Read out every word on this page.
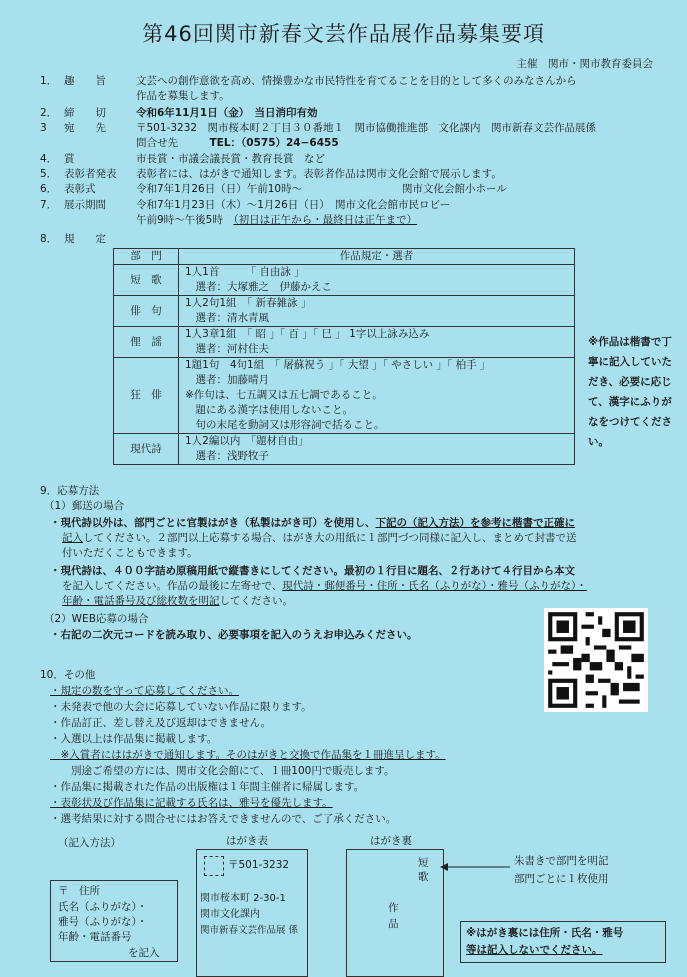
第46回関市新春文芸作品展作品募集要項
主催　関市・関市教育委員会
1． 趣　　旨	文芸への創作意欲を高め、情操豊かな市民特性を育てることを目的として多くのみなさんから
作品を募集します。
2． 締　　切	令和6年11月1日（金）　当日消印有効
3 宛　　先	〒501-3232　関市桜本町２丁目３０番地１　関市協働推進部　文化課内　関市新春文芸作品展係
問合せ先　　　	TEL：（0575）24−6455
4． 賞	市長賞・市議会議長賞・教育長賞　など
5． 表彰者発表 表彰者には、はがきで通知します。表彰者作品は関市文化会館で展示します。
6． 表彰式	令和7年1月26日（日）午前10時〜	関市文化会館小ホール
7． 展示期間	令和7年1月23日（木）〜1月26日（日）　関市文化会館市民ロビー
午前9時〜午後5時　 （初日は正午から・最終日は正午まで）
8． 規　　定
部　門	作品規定・選者
短　歌	1人1首　　　「 自由詠 」
　選者：大塚雅之　伊藤かえこ

俳　句	1人2句1組　「 新春雑詠 」
　選者：清水青風

俚　謡	1人3章1組　「 昭 」「 百 」「 巳 」 1字以上詠み込み
　選者：河村住夫

狂　俳	1題1句　4句1組　「 屠蘇祝う 」「 大望 」「 やさしい 」「 柏手 」
　選者：加藤晴月
※作句は、七五調又は五七調であること。
　題にある漢字は使用しないこと。
　句の末尾を動詞又は形容詞で括ること。

現代詩	1人2編以内　「題材自由」
　選者：浅野牧子
※作品は楷書で丁寧に記入していただき、必要に応じて、漢字にふりがなをつけてください。
9．応募方法
（1）郵送の場合
・現代詩以外は、部門ごとに官製はがき（私製はがき可）を使用し、下記の（記入方法）を参考に楷書で正確に
記入してください。２部門以上応募する場合、はがき大の用紙に１部門づつ同様に記入し、まとめて封書で送
付いただくこともできます。
・現代詩は、４００字詰め原稿用紙で縦書きにしてください。最初の１行目に題名、２行あけて４行目から本文
を記入してください。作品の最後に左寄せで、現代詩・郵便番号・住所・氏名（ふりがな）・雅号（ふりがな）・
年齢・電話番号及び総枚数を明記してください。
（2）WEB応募の場合
・右記の二次元コードを読み取り、必要事項を記入のうえお申込みください。
10．その他
・規定の数を守って応募してください。
・未発表で他の大会に応募していない作品に限ります。
・作品訂正、差し替え及び返却はできません。
・入選以上は作品集に掲載します。
　※入賞者にははがきで通知します。そのはがきと交換で作品集を１冊進呈します。
　　別途ご希望の方には、関市文化会館にて、１冊100円で販売します。
・作品集に掲載された作品の出版権は１年間主催者に帰属します。
・表彰状及び作品集に記載する氏名は、雅号を優先します。
・選考結果に対する問合せにはお答えできませんので、ご了承ください。
（記入方法）	はがき表	はがき裏
〒501-3232
関市桜本町 2-30-1
関市文化課内
関市新春文芸作品展 係
〒　住所
氏名（ふりがな）・
雅号（ふりがな）・
年齢・電話番号
を記入
短歌
作品
朱書きで部門を明記
部門ごとに１枚使用
※はがき裏には住所・氏名・雅号
等は記入しないでください。
